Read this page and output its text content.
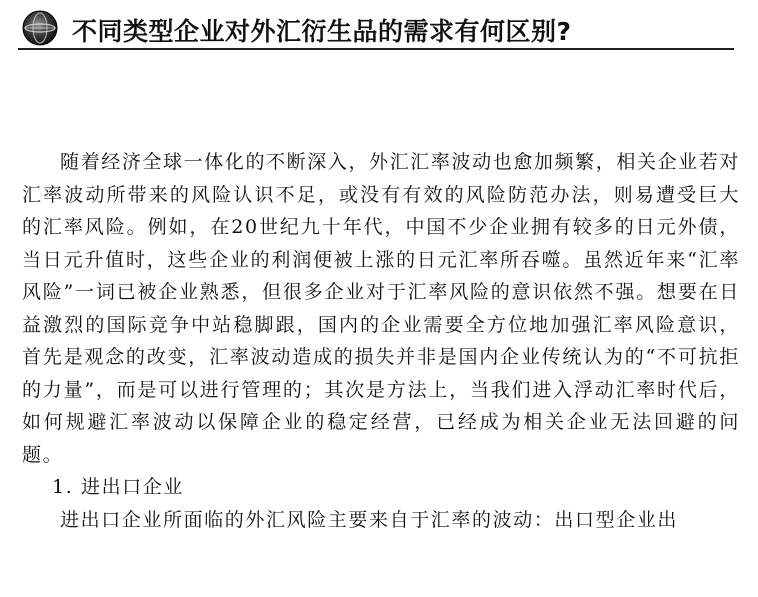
不同类型企业对外汇衍生品的需求有何区别?

随着经济全球一体化的不断深入，外汇汇率波动也愈加频繁，相关企业若对汇率波动所带来的风险认识不足，或没有有效的风险防范办法，则易遭受巨大的汇率风险。例如，在20世纪九十年代，中国不少企业拥有较多的日元外债，当日元升值时，这些企业的利润便被上涨的日元汇率所吞噬。虽然近年来“汇率风险”一词已被企业熟悉，但很多企业对于汇率风险的意识依然不强。想要在日益激烈的国际竞争中站稳脚跟，国内的企业需要全方位地加强汇率风险意识，首先是观念的改变，汇率波动造成的损失并非是国内企业传统认为的“不可抗拒的力量”，而是可以进行管理的；其次是方法上，当我们进入浮动汇率时代后，如何规避汇率波动以保障企业的稳定经营，已经成为相关企业无法回避的问题。

1. 进出口企业

进出口企业所面临的外汇风险主要来自于汇率的波动：出口型企业出
